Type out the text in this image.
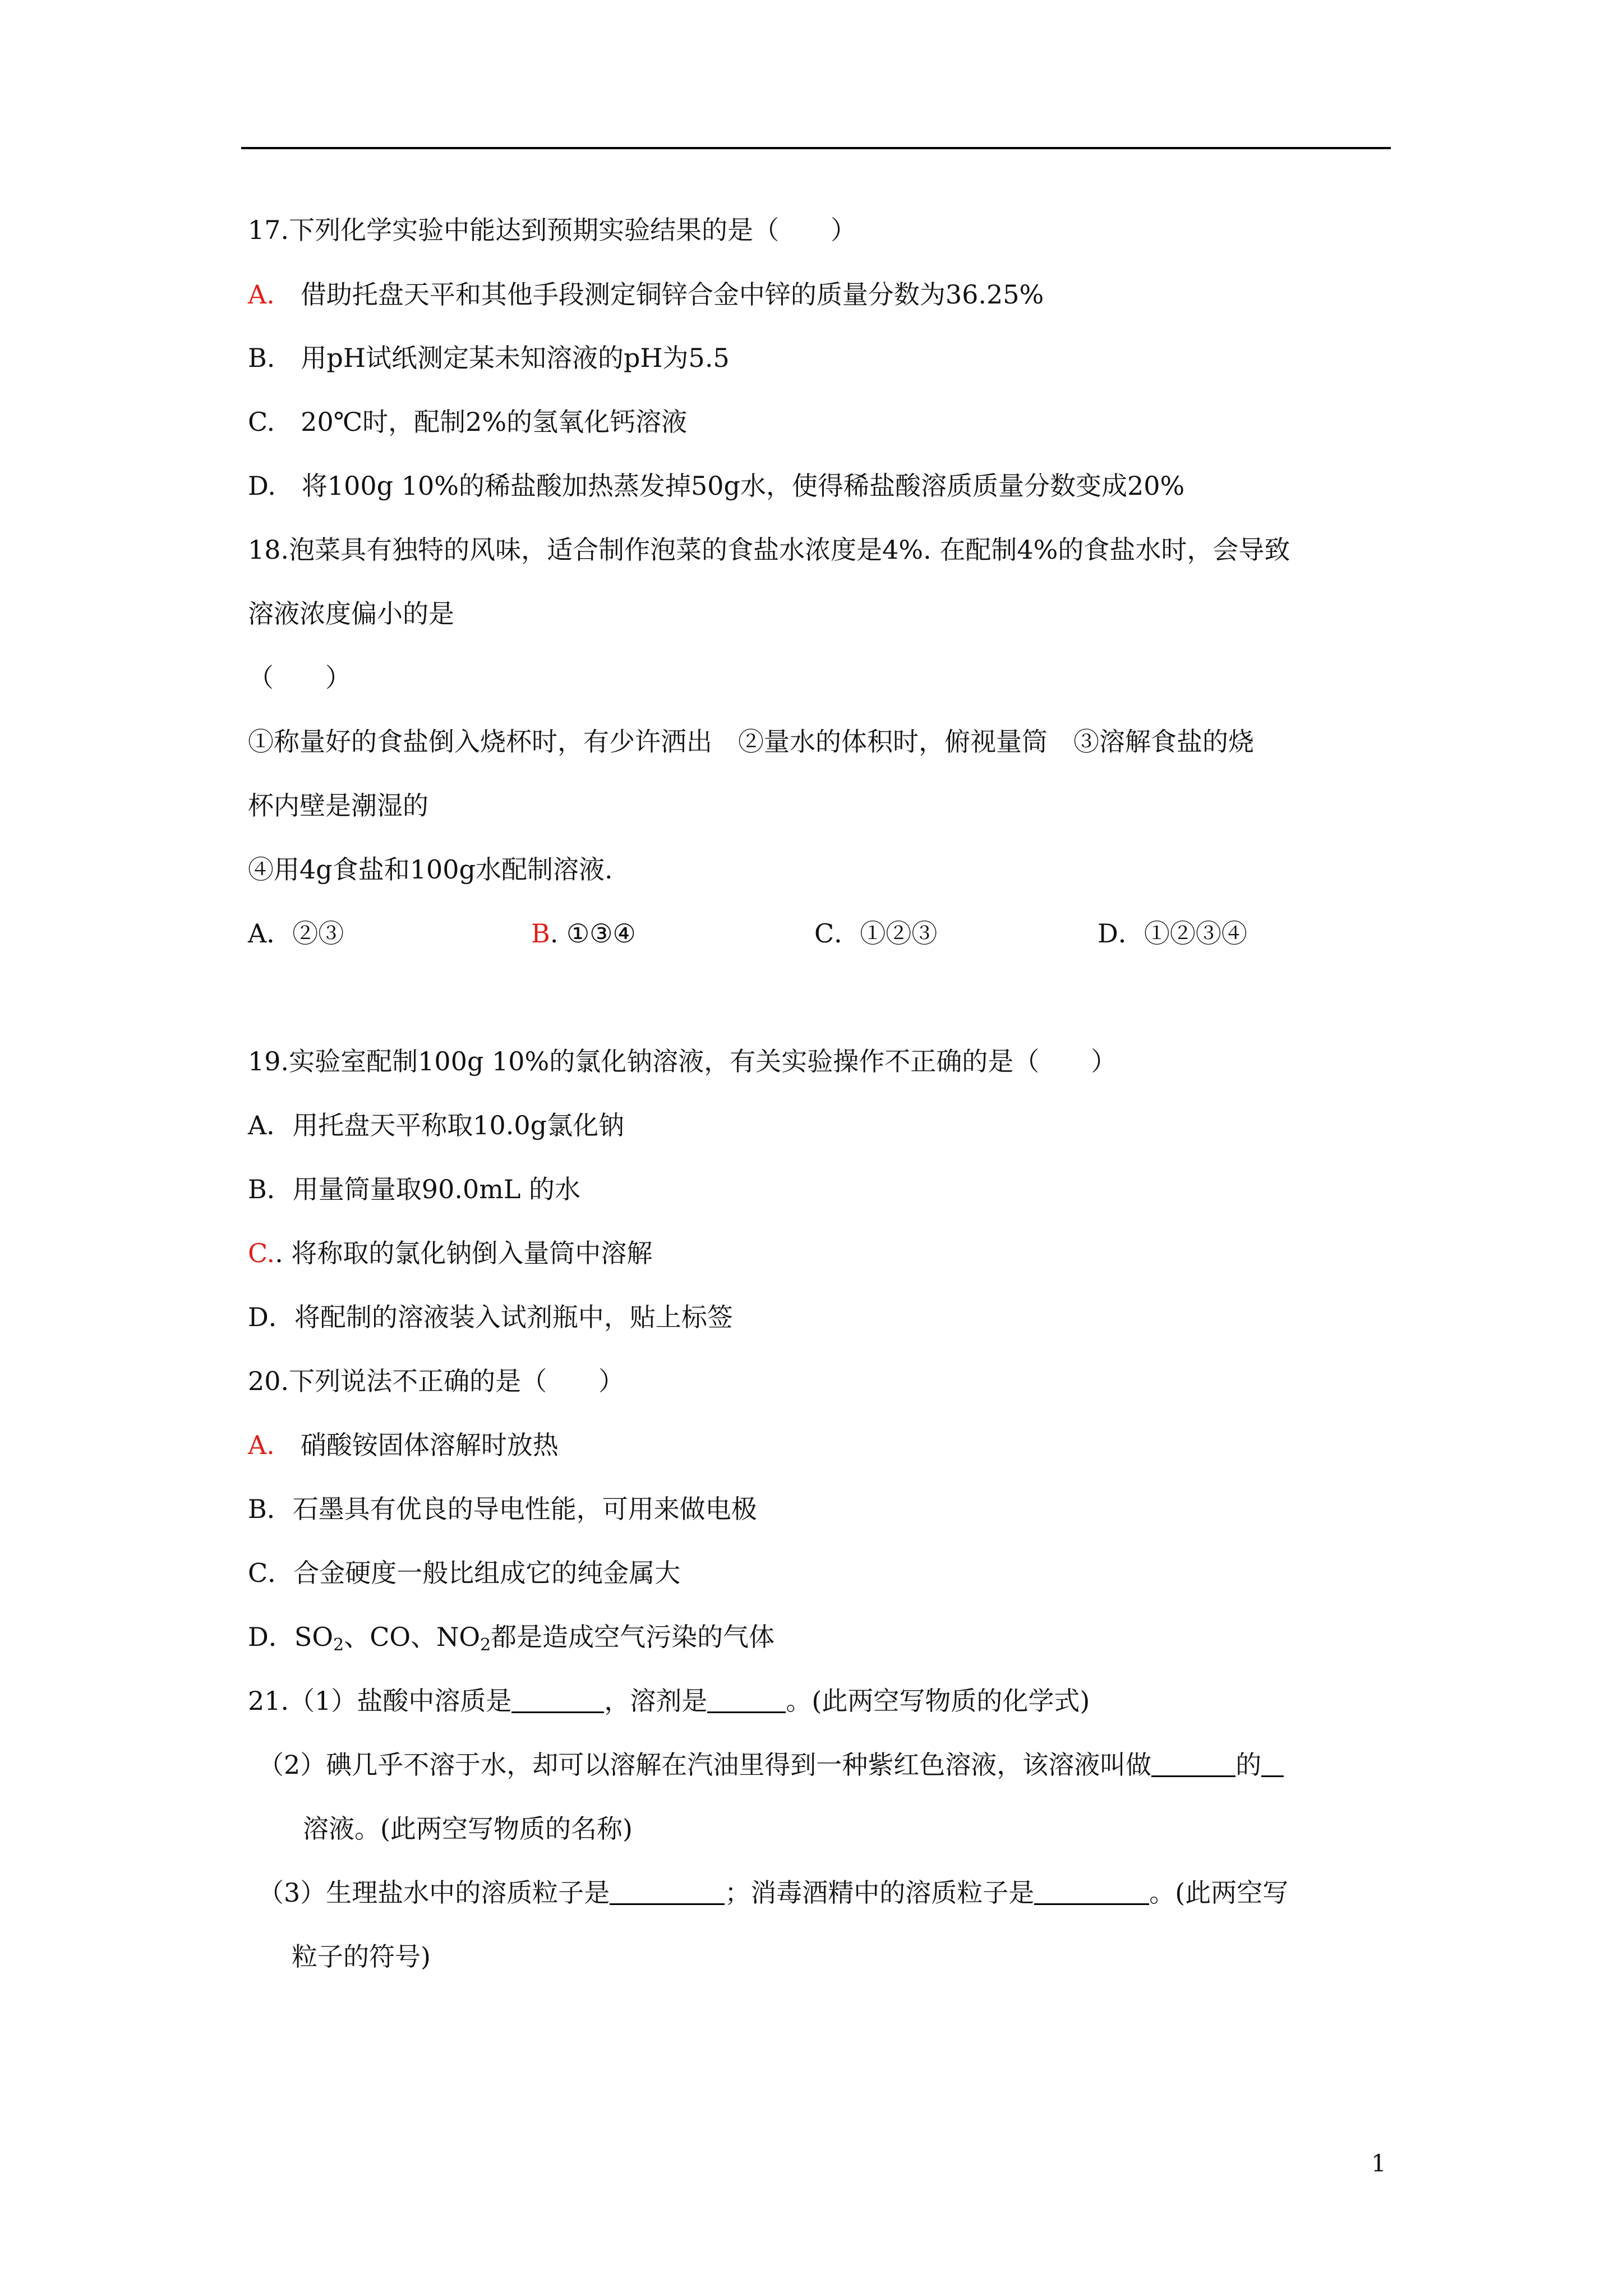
17.下列化学实验中能达到预期实验结果的是（　　）
A.　借助托盘天平和其他手段测定铜锌合金中锌的质量分数为36.25%
B.　用pH试纸测定某未知溶液的pH为5.5
C.　20℃时，配制2%的氢氧化钙溶液
D.　将100g 10%的稀盐酸加热蒸发掉50g水，使得稀盐酸溶质质量分数变成20%
18.泡菜具有独特的风味，适合制作泡菜的食盐水浓度是4%. 在配制4%的食盐水时，会导致
溶液浓度偏小的是
（　　）
①称量好的食盐倒入烧杯时，有少许洒出　②量水的体积时，俯视量筒　③溶解食盐的烧
杯内壁是潮湿的
④用4g食盐和100g水配制溶液.
A．②③	B. ①③④	C．①②③	D．①②③④
19.实验室配制100g 10%的氯化钠溶液，有关实验操作不正确的是（　　）
A．用托盘天平称取10.0g氯化钠
B．用量筒量取90.0mL 的水
C.. 将称取的氯化钠倒入量筒中溶解
D．将配制的溶液装入试剂瓶中，贴上标签
20.下列说法不正确的是（　　）
A.　硝酸铵固体溶解时放热
B．石墨具有优良的导电性能，可用来做电极
C．合金硬度一般比组成它的纯金属大
D．$SO_2$、CO、$NO_2$都是造成空气污染的气体
21.（1）盐酸中溶质是	，溶剂是	。(此两空写物质的化学式)
（2）碘几乎不溶于水，却可以溶解在汽油里得到一种紫红色溶液，该溶液叫做	的
溶液。(此两空写物质的名称)
（3）生理盐水中的溶质粒子是	；消毒酒精中的溶质粒子是	。(此两空写
粒子的符号)
1
